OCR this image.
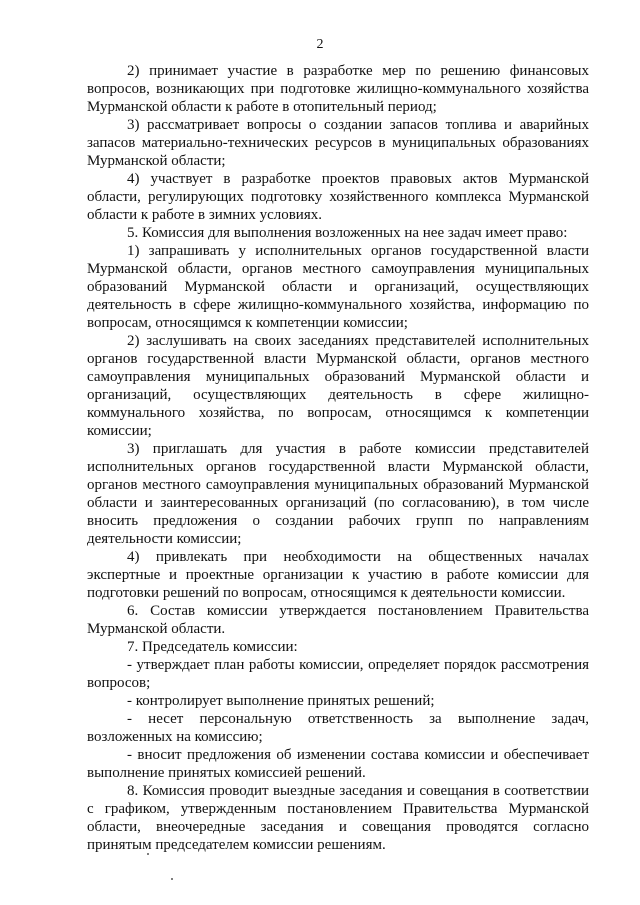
2

2) принимает участие в разработке мер по решению финансовых вопросов, возникающих при подготовке жилищно-коммунального хозяйства Мурманской области к работе в отопительный период;

3) рассматривает вопросы о создании запасов топлива и аварийных запасов материально-технических ресурсов в муниципальных образованиях Мурманской области;

4) участвует в разработке проектов правовых актов Мурманской области, регулирующих подготовку хозяйственного комплекса Мурманской области к работе в зимних условиях.

5. Комиссия для выполнения возложенных на нее задач имеет право:

1) запрашивать у исполнительных органов государственной власти Мурманской области, органов местного самоуправления муниципальных образований Мурманской области и организаций, осуществляющих деятельность в сфере жилищно-коммунального хозяйства, информацию по вопросам, относящимся к компетенции комиссии;

2) заслушивать на своих заседаниях представителей исполнительных органов государственной власти Мурманской области, органов местного самоуправления муниципальных образований Мурманской области и организаций, осуществляющих деятельность в сфере жилищно-коммунального хозяйства, по вопросам, относящимся к компетенции комиссии;

3) приглашать для участия в работе комиссии представителей исполнительных органов государственной власти Мурманской области, органов местного самоуправления муниципальных образований Мурманской области и заинтересованных организаций (по согласованию), в том числе вносить предложения о создании рабочих групп по направлениям деятельности комиссии;

4) привлекать при необходимости на общественных началах экспертные и проектные организации к участию в работе комиссии для подготовки решений по вопросам, относящимся к деятельности комиссии.

6. Состав комиссии утверждается постановлением Правительства Мурманской области.

7. Председатель комиссии:

- утверждает план работы комиссии, определяет порядок рассмотрения вопросов;

- контролирует выполнение принятых решений;

- несет персональную ответственность за выполнение задач, возложенных на комиссию;

- вносит предложения об изменении состава комиссии и обеспечивает выполнение принятых комиссией решений.

8. Комиссия проводит выездные заседания и совещания в соответствии с графиком, утвержденным постановлением Правительства Мурманской области, внеочередные заседания и совещания проводятся согласно принятым председателем комиссии решениям.
